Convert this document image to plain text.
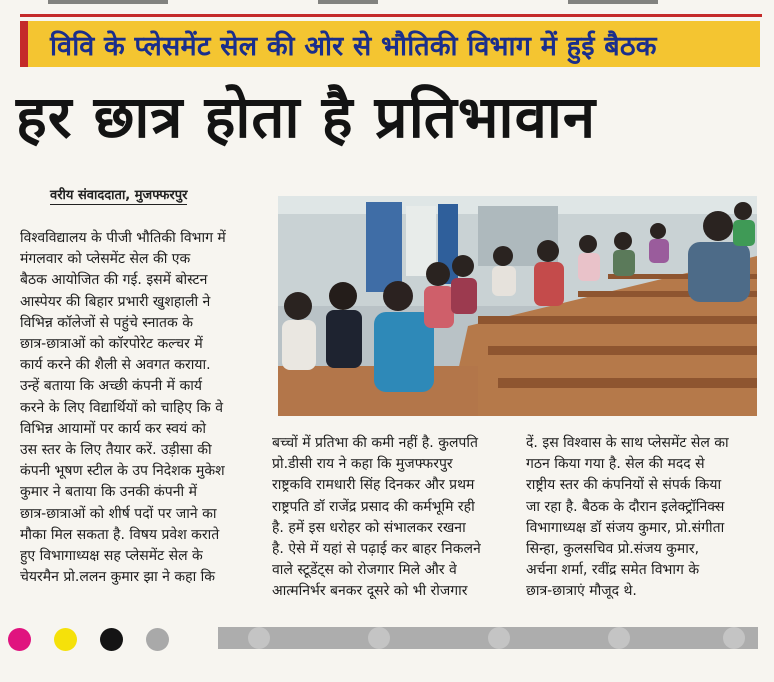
विवि के प्लेसमेंट सेल की ओर से भौतिकी विभाग में हुई बैठक
हर छात्र होता है प्रतिभावान
वरीय संवाददाता, मुजफ्फरपुर

विश्वविद्यालय के पीजी भौतिकी विभाग में

मंगलवार को प्लेसमेंट सेल की एक

बैठक आयोजित की गई. इसमें बोस्टन

आस्पेयर की बिहार प्रभारी खुशहाली ने

विभिन्न कॉलेजों से पहुंचे स्नातक के

छात्र-छात्राओं को कॉरपोरेट कल्चर में

कार्य करने की शैली से अवगत कराया.

उन्हें बताया कि अच्छी कंपनी में कार्य

करने के लिए विद्यार्थियों को चाहिए कि वे

विभिन्न आयामों पर कार्य कर स्वयं को

उस स्तर के लिए तैयार करें. उड़ीसा की

कंपनी भूषण स्टील के उप निदेशक मुकेश

कुमार ने बताया कि उनकी कंपनी में

छात्र-छात्राओं को शीर्ष पदों पर जाने का

मौका मिल सकता है. विषय प्रवेश कराते

हुए विभागाध्यक्ष सह प्लेसमेंट सेल के

चेयरमैन प्रो.ललन कुमार झा ने कहा कि

बच्चों में प्रतिभा की कमी नहीं है. कुलपति

प्रो.डीसी राय ने कहा कि मुजफ्फरपुर

राष्ट्रकवि रामधारी सिंह दिनकर और प्रथम

राष्ट्रपति डॉ राजेंद्र प्रसाद की कर्मभूमि रही

है. हमें इस धरोहर को संभालकर रखना

है. ऐसे में यहां से पढ़ाई कर बाहर निकलने

वाले स्टूडेंट्स को रोजगार मिले और वे

आत्मनिर्भर बनकर दूसरे को भी रोजगार

दें. इस विश्वास के साथ प्लेसमेंट सेल का

गठन किया गया है. सेल की मदद से

राष्ट्रीय स्तर की कंपनियों से संपर्क किया

जा रहा है. बैठक के दौरान इलेक्ट्रॉनिक्स

विभागाध्यक्ष डॉ संजय कुमार, प्रो.संगीता

सिन्हा, कुलसचिव प्रो.संजय कुमार,

अर्चना शर्मा, रवींद्र समेत विभाग के

छात्र-छात्राएं मौजूद थे.
